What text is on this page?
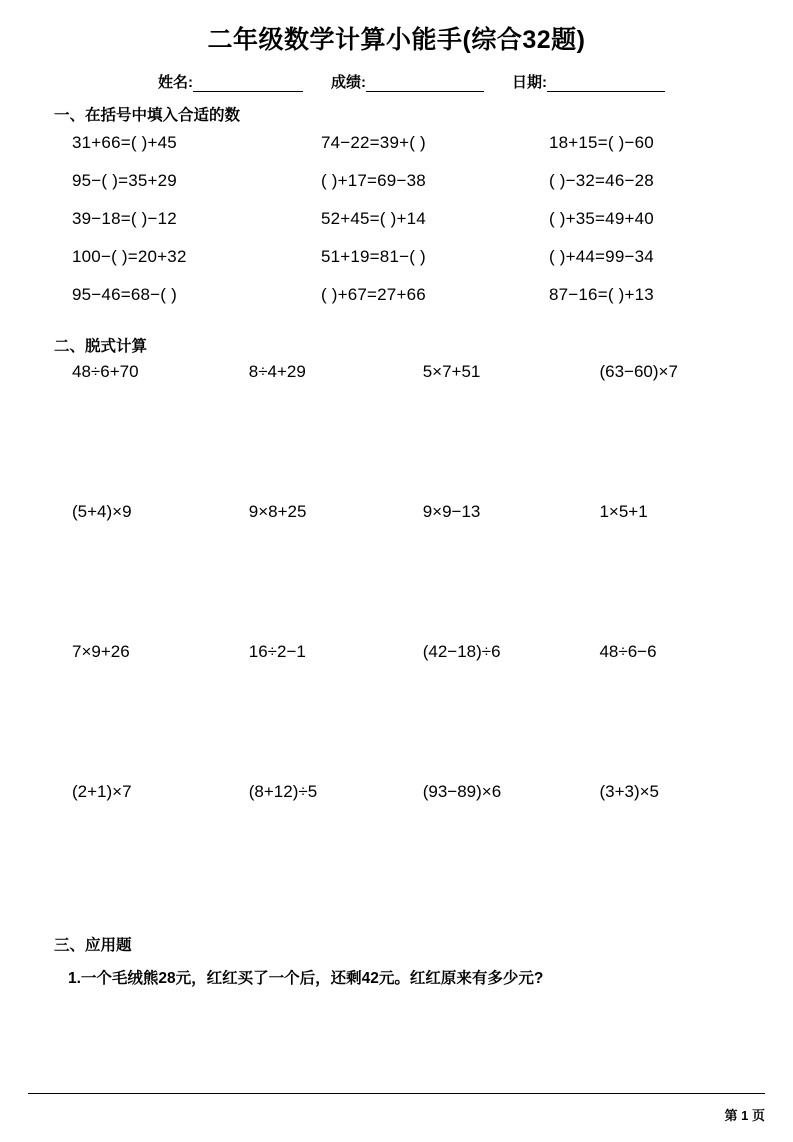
二年级数学计算小能手(综合32题)
姓名:	成绩:	日期:
一、在括号中填入合适的数
31+66=( )+45	74−22=39+( )	18+15=( )−60
95−( )=35+29	( )+17=69−38	( )−32=46−28
39−18=( )−12	52+45=( )+14	( )+35=49+40
100−( )=20+32	51+19=81−( )	( )+44=99−34
95−46=68−( )	( )+67=27+66	87−16=( )+13
二、脱式计算
48÷6+70	8÷4+29	5×7+51	(63−60)×7
(5+4)×9	9×8+25	9×9−13	1×5+1
7×9+26	16÷2−1	(42−18)÷6	48÷6−6
(2+1)×7	(8+12)÷5	(93−89)×6	(3+3)×5
三、应用题
1.一个毛绒熊28元，红红买了一个后，还剩42元。红红原来有多少元?
第 1 页
